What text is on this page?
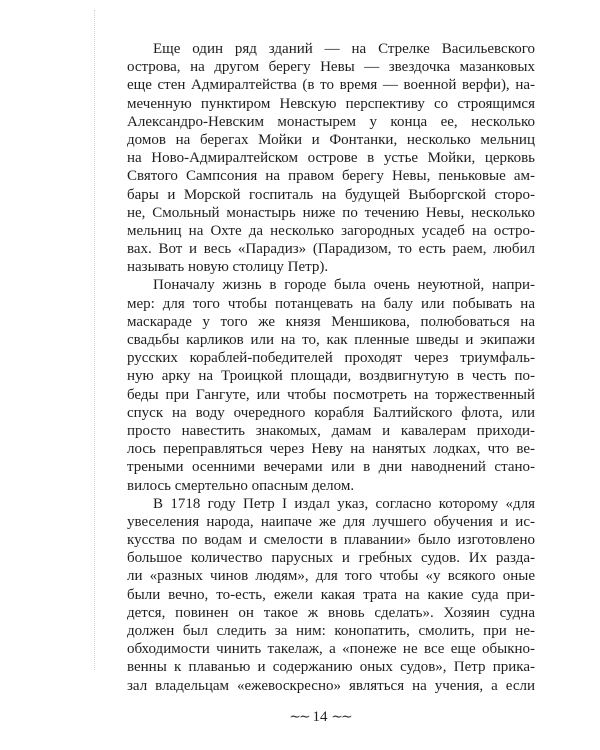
Еще один ряд зданий — на Стрелке Васильевского
острова, на другом берегу Невы — звездочка мазанковых
еще стен Адмиралтейства (в то время — военной верфи), на-
меченную пунктиром Невскую перспективу со строящимся
Александро-Невским монастырем у конца ее, несколько
домов на берегах Мойки и Фонтанки, несколько мельниц
на Ново-Адмиралтейском острове в устье Мойки, церковь
Святого Сампсония на правом берегу Невы, пеньковые ам-
бары и Морской госпиталь на будущей Выборгской сторо-
не, Смольный монастырь ниже по течению Невы, несколько
мельниц на Охте да несколько загородных усадеб на остро-
вах. Вот и весь «Парадиз» (Парадизом, то есть раем, любил
называть новую столицу Петр).
Поначалу жизнь в городе была очень неуютной, напри-
мер: для того чтобы потанцевать на балу или побывать на
маскараде у того же князя Меншикова, полюбоваться на
свадьбы карликов или на то, как пленные шведы и экипажи
русских кораблей-победителей проходят через триумфаль-
ную арку на Троицкой площади, воздвигнутую в честь по-
беды при Гангуте, или чтобы посмотреть на торжественный
спуск на воду очередного корабля Балтийского флота, или
просто навестить знакомых, дамам и кавалерам приходи-
лось переправляться через Неву на нанятых лодках, что ве-
треными осенними вечерами или в дни наводнений стано-
вилось смертельно опасным делом.
В 1718 году Петр I издал указ, согласно которому «для
увеселения народа, наипаче же для лучшего обучения и ис-
кусства по водам и смелости в плавании» было изготовлено
большое количество парусных и гребных судов. Их разда-
ли «разных чинов людям», для того чтобы «у всякого оные
были вечно, то-есть, ежели какая трата на какие суда при-
дется, повинен он такое ж вновь сделать». Хозяин судна
должен был следить за ним: конопатить, смолить, при не-
обходимости чинить такелаж, а «понеже не все еще обыкно-
венны к плаванью и содержанию оных судов», Петр прика-
зал владельцам «ежевоскресно» являться на учения, а если
∼∼ 14 ∼∼
